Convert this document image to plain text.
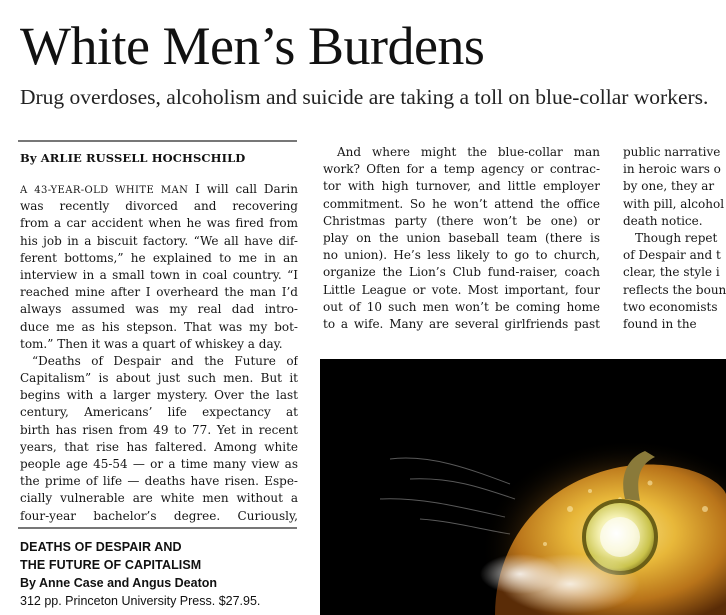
White Men’s Burdens

Drug overdoses, alcoholism and suicide are taking a toll on blue-collar workers.

By ARLIE RUSSELL HOCHSCHILD
A 43-YEAR-OLD WHITE MAN I will call Darin
was recently divorced and recovering
from a car accident when he was fired from
his job in a biscuit factory. “We all have dif-
ferent bottoms,” he explained to me in an
interview in a small town in coal country. “I
reached mine after I overheard the man I’d
always assumed was my real dad intro-
duce me as his stepson. That was my bot-
tom.” Then it was a quart of whiskey a day.
“Deaths of Despair and the Future of
Capitalism” is about just such men. But it
begins with a larger mystery. Over the last
century, Americans’ life expectancy at
birth has risen from 49 to 77. Yet in recent
years, that rise has faltered. Among white
people age 45-54 — or a time many view as
the prime of life — deaths have risen. Espe-
cially vulnerable are white men without a
four-year bachelor’s degree. Curiously,
DEATHS OF DESPAIR AND
THE FUTURE OF CAPITALISM
By Anne Case and Angus Deaton
312 pp. Princeton University Press. $27.95.
And where might the blue-collar man
work? Often for a temp agency or contrac-
tor with high turnover, and little employer
commitment. So he won’t attend the office
Christmas party (there won’t be one) or
play on the union baseball team (there is
no union). He’s less likely to go to church,
organize the Lion’s Club fund-raiser, coach
Little League or vote. Most important, four
out of 10 such men won’t be coming home
to a wife. Many are several girlfriends past
public narrative
in heroic wars o
by one, they ar
with pill, alcohol
death notice.
Though repet
of Despair and t
clear, the style i
reflects the boun
two economists
found in the
